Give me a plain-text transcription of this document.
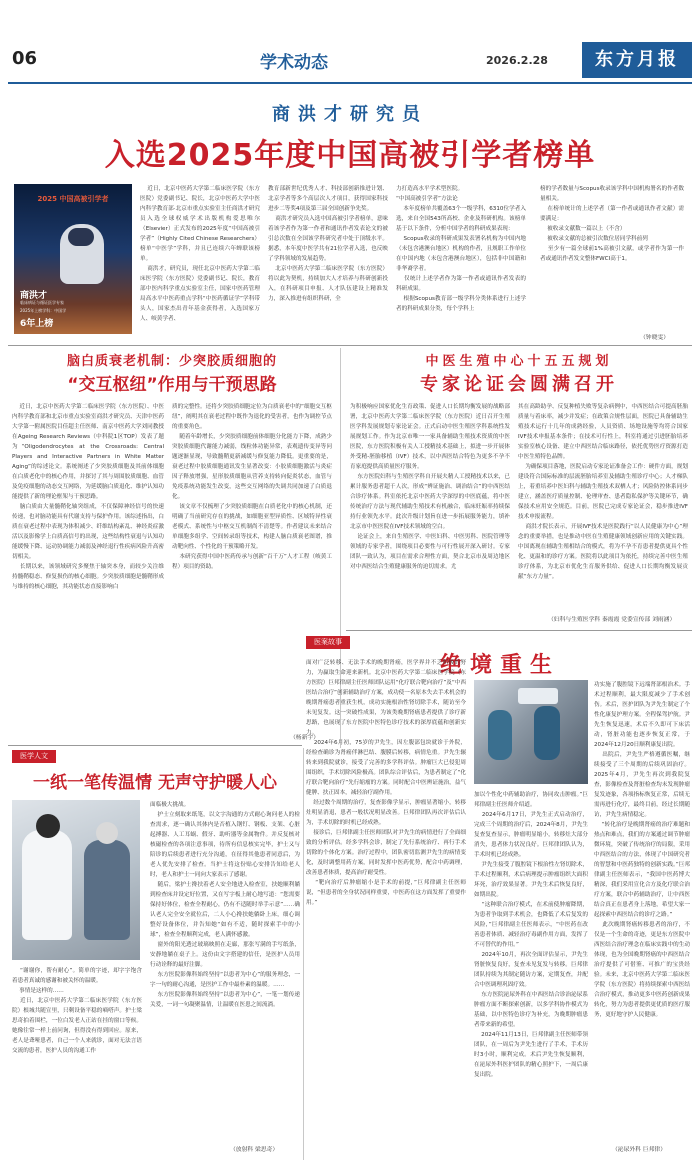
06	学术动态	2026.2.28	东方月报
商洪才研究员
入选2025年度中国高被引学者榜单
2025 中国高被引学者
商洪才
临床病证与循证医学专家
2025年上榜学科：中国学
6年上榜
近日，北京中医药大学第二临床医学院（东方医院）党委副书记、院长，北京中医药大学中医内科学教育部·北京市重点实验室主任商洪才研究员入选全球权威学术出版机构爱思唯尔（Elsevier）正式发布的2025年度“中国高被引学者”（Highly Cited Chinese Researchers）榜单“中医学”学科，并且已连续六年蝉联该榜单。
商洪才，研究员，现任北京中医药大学第二临床医学院（东方医院）党委副书记、院长，教育部中医内科学重点实验室主任，国家中医药管理局高水平中医药重点学科“中医药循证学”学科带头人，国家杰出青年基金获得者，入选国家万人、岐黄学者、
教育部新世纪优秀人才、科技部创新推进计划、北京学者等多个高层次人才项目，获得国家科技进步二等奖4项及第三届全国创新争先奖。
商洪才研究员入选中国高被引学者榜单，意味着该学者作为第一作者和通讯作者发表论文的被引总次数在全国该学科研究者中处于顶级水平。据悉，本年度中医学共有21位学者入选，也反映了学科领域的发展趋势。
北京中医药大学第二临床医学院（东方医院）将以此为契机，持续加大人才培养与科研创新投入，在科研项目申报、人才队伍建设上精准发力，深入推进有组织科研，全
力打造高水平学术型医院。
“中国高被引学者”方法论
本年度榜单共覆盖63个一级学科，6310位学者入选，来自全国543所高校、企业及科研机构。该榜单基于以下条件，分析中国学者的科研成果表现：
Scopus收录的科研成果发表署名机构为中国内地（未包含港澳台地区）机构的作者，且规职工作单位在中国内地（未包含港澳台地区），包括非中国籍和非华裔学者。
仅统计上述学者作为第一作者或通讯作者发表的科研成果。
根据Scopus教育部一级学科分类体系进行上述学者的科研成果分类，每个学科上
榜的学者数量与Scopus收录该学科中国机构署名的作者数量相关。
在榜单统计的上述学者（第一作者或通讯作者文献）需要满足：
被收录文献数一篇以上（不含）
被收录文献的总被引次数位居同学科前列
至少有一篇全球前1%高被引文献，或学者作为第一作者或通讯作者发文整体FWCI高于1。
（钟晓雯）
脑白质衰老机制：少突胶质细胞的
“交互枢纽”作用与干预思路
近日，北京中医药大学第二临床医学院（东方医院）、中医内科学教育部和北京市重点实验室商洪才研究员、天津中医药大学第一附属医院目佳超主任医师、南京中医药大学刘同教授在Ageing Research Reviews（中科院1区TOP）发表了题为“Oligodendrocytes at the Crossroads: Central Players and Interactive Partners in White Matter Aging”的综述论文。系统阐述了少突胶质细胞及其前体细胞在白质老化中的核心作用，并探讨了其与周围胶质细胞、血管及免疫细胞的动态交互网络，为延缓脑白质退化、维护认知功能提供了新的理论框架与干预思路。
脑白质由大量髓鞘化轴突组成，不仅保障神经信号的快速传递，也对脑功能具有代谢支持与保护作用。该综述指出，白质在衰老过程中表现为体积减少、纤维结构紊乱、神经炎症激活以及影像学上白质高信号的出现，这些结构性衰退与认知功能缓慢下降、运动协调能力减弱及神经退行性疾病风险升高密切相关。
长期以来，该领域研究多聚焦于轴突本身，而较少关注维持髓鞘稳态、修复损伤的核心细胞。少突胶质细胞是髓鞘形成与维持的核心细胞，其功能状态直接影响白
质的完整性。还将少突胶质细胞定位为白质衰老中的“细胞交互枢纽”，阐明其在衰老过程中既作为退化的受害者，也作为调控节点的重要角色。
随着年龄增长，少突胶质细胞前体细胞分化能力下降，成熟少突胶质细胞代谢能力减弱，线粒体功能异常，表观遗传变异等问题逐渐显现，导致髓鞘更新减缓与修复能力降低。更重要的是，衰老过程中胶质细胞通讯发生显著改变：小胶质细胞激活与炎症因子释放增强，星形胶质细胞从营养支持转向促炎状态，血管与免疫系统功能发生改变，这些交互网络的失调共同加速了白质退化。
该文章不仅梳理了少突胶质细胞在白质老化中的核心机制，还明确了当前研究存在的挑战，如细胞亚型异质性、区域特异性衰老模式、系统性与中枢交互机制尚不清楚等。作者建议未来结合单细胞多组学、空间转录组等技术，构建人脑白质衰老图谱，推动靶向性、个性化的干预策略开发。
本研究获得中国中医药传承与创新“百千万”人才工程（岐黄工程）项目的资助。
（杨新宇）
中医生殖中心十五五规划
专家论证会圆满召开
为积极响应国家优化生育政策、促进人口长期均衡发展的战略部署，北京中医药大学第二临床医学院（东方医院）近日召开生殖医学科发展规划专家论证会。正式启动中医生殖医学科系统性发展规划工作。作为北京市唯一一家具备辅助生殖技术资质的中医医院，东方医院积极有关人工授精技术基础上，拟进一步开展体外受精-胚胎移植（IVF）技术，以中西医结合特色为更多不孕不育家庭提供高质量医疗服务。
东方医院妇科与生殖医学科自开展夫精人工授精技术以来，已累计服务患者超千人次，形成“辨证施治、调治结合”的中西医结合诊疗体系。科室依托北京中医药大学深厚的中医底蕴，将中医传统治疗方法与现代辅助生殖技术有机融合，临床妊娠率持续保持行业领先水平。此次升级计划旨在进一步拓展服务能力，填补北京市中医医院在IVF技术领域的空白。
论证会上，来自生殖医学、中医妇科、中医男科、医院管理等领域的专家学者，围绕项目必要性与可行性展开深入研讨。专家团队一致认为，项目在需求合理性方面，契合北京市及周边地区对中西医结合生殖健康服务的迫切需求。尤
其在高龄助孕、反复种植失败等复杂病例中，中西医结合可提高胚胎质量与着床率，减少并发症；在政策合规性层面，医院已具备辅助生殖技术运行十几年的成熟经验，人员资质、场地设施等均符合国家IVF技术申报基本条件；在技术可行性上，科室将通过引进胚胎培养实验室核心设备、建立中西医结合临床路径，依托优势医疗资源打造中医生殖特色品牌。
为确保项目落地，医院启动专家论证准备会工作：硬件方面，规划建设符合国际标准的层流胚胎培养室及辅助生殖诊疗中心；人才梯队上，着重培养中医妇科与辅助生殖技术双栖人才；风险防控体系同步建立，涵盖医疗质量控制、伦理审查、患者隐私保护等关键环节，确保技术应用安全规范。目前，医院已完成专家论证会，稳步推进IVF技术申报流程。
商洪才院长表示，开展IVF技术是医院践行“以人民健康为中心”理念的重要举措，也是推动中医在生殖健康领域创新应用的关键实践。中国离现在辅助生殖相结合的模式，将为不孕不育患者提供更具个性化、更温和的诊疗方案。医院将以此项目为依托，持续完善中医生殖诊疗体系，为北京市优化生育服务供给、促进人口长期均衡发展贡献“东方力量”。
（妇科与生殖医学科 秦霞霞 党委宣传部 刘雨涵）
医案故事
绝境重生
面对广泛转移、无法手术的晚期肾癌，医学界并不乏积极的努力，为赢取生命迎来新机。北京中医药大学第二临床医学院（东方医院）巨邦律副主任医师团队运用“化疗联合靶向治疗”及“中西医结合治疗”创新辅助治疗方案，成功使一名原本失去手术机会的晚期肾癌患者重获生机，成功实施根治性肾切除手术，随访至今未见复发。这一突破性成果，为该类晚期肾癌患者提供了诊疗新思路，也展现了东方医院中医特色诊疗技术的深厚底蕴和创新实力。
2024年6月初，75岁的尹先生，因左腹部包块就诊于外院，经检查确诊为肾癌伴淋巴结、腹膜后转移，病情危重。尹先生辗转来到我院就诊，接受了完善的多学科评估。肿瘤巨大已侵犯周围组织，手术切除风险极高。团队综合评估后，为患者制定了“化疗联合靶向治疗”先行缩瘤的方案。同时配合中医辨证施治，益气健脾、扶正固本，减轻治疗副作用。
经过数个周期的治疗，复查影像学显示，肿瘤显著缩小，转移灶明显消退，患者一般状况明显改善。巨邦律团队再次评估后认为，手术切除的时机已经成熟。
接诊后，巨邦律副主任医师团队对尹先生的病情进行了全面细致的分析评估。经多学科会诊，制定了先行系统治疗、再行手术切除的个体化方案。治疗过程中，团队密切监测尹先生的病情变化，及时调整用药方案，同时发挥中医药优势，配合中药调理，改善患者体质，提高治疗耐受性。
“靶向治疗后肿瘤缩小是手术的前提，”巨邦律副主任医师说，“但患者的全身状况同样重要，中医药在这方面发挥了重要作用。”
加以个性化中药辅助治疗，协同攻击肿瘤。”巨邦律副主任医师介绍道。
2024年6月17日，尹先生正式启动治疗，完成三个周期的治疗后，2024年8月，尹先生复查复查显示，肿瘤明显缩小，转移灶大部分消失，患者体力状况良好。巨邦律团队认为，手术时机已经成熟。
尹先生接受了腹腔镜下根治性左肾切除术，手术过程顺利，术后病理提示肿瘤组织大面积坏死，治疗效果显著。尹先生术后恢复良好，如期出院。
“这种联合治疗模式，在术前使肿瘤降期，为患者争取到手术机会，也降低了术后复发的风险，”巨邦律副主任医师表示，“中医药在改善患者体质、减轻治疗毒副作用方面，发挥了不可替代的作用。”
2024年10月，再次全面评估显示，尹先生肾脏恢复良好，复查未见复发与转移。巨邦律团队持续为其制定随访方案，定期复查，并配合中医调理巩固疗效。
东方医院泌尿外科在中西医结合诊治泌尿系肿瘤方面不断探索创新，以多学科协作模式为基础，以中医特色诊疗为补充，为晚期肿瘤患者带来新的希望。
2024年11月13日，巨邦律副主任医师带领团队，在一周后为尹先生进行了手术，手术历时3小时，顺利完成。术后尹先生恢复顺利，在泌尿外科医护团队的精心照护下，一周后康复出院。
功实施了腹腔镜下远端肾部根治术。手术过程顺利，最大限度减少了手术创伤。术后，医护团队为尹先生制定了个性化康复护理方案。全程保驾护航。尹先生恢复迅速，术后不久即可下床活动，肾脏功能也逐步恢复正常，于2024年12月20日顺利康复出院。
出院后，尹先生严格遵循医嘱，继续接受了三个周期的后续巩固治疗。2025年4月，尹先生再次到我院复查，影像检查及肾脏检查均未发现肿瘤复发迹象，各项指标恢复正常，后续无需再进行化疗，最终目前，经过长期随访，尹先生病情稳定。
“转化治疗是晚期肾癌的治疗难题和热点和难点，我们的方案通过调节肿瘤微环境，突破了传统治疗的局限，采用中西医结合的方法，体现了中国研究者的智慧和中医药独特的创新实践。”巨邦律副主任医师表示，“我国中医药博大精深，我们采用宣化合方及化疗联合治疗方案，联合中药辅助治疗，让中西医结合真正在患者身上落地，希望大家一起探索中西医结合的诊疗之路。”
此次晚期肾癌转移患者的治疗，不仅是一个生命的奇迹，更是东方医院中西医结合治疗理念在临床实践中的生动体现，也为全国晚期肾癌的中西医结合治疗提供了可借鉴、可推广的宝贵经验。未来，北京中医药大学第二临床医学院（东方医院）将持续探索中西医结合治疗模式，推动更多中医药创新成果转化，努力为患者提供更优质的医疗服务，更好地守护人民健康。
（泌尿外科 巨邦律）
医学人文
一纸一笔传温情 无声守护暖人心
“谢谢你，帮有耐心”。简单的字迹，却字字饱含着患者真诚的感谢和被关怀的温暖。
事情是这样的……
近日，北京中医药大学第二临床医学院（东方医院）根城共随宣里，只剩设备平稳的嘀嗒声。护士梁思奇拍着围栏，一位白发老人正站在挂的窗口等候。她像往常一样上前问询，但得没有得到回应。原来，老人是聋哑患者，自己一个人来就诊，面对无法言语交流的患者，医护人员的沟通工作
面临极大挑战。
护士立刻取来纸笔，以文字沟通的方式耐心询问老人的检查需求，逐一确认其体内是否植入钢钉、钢板、支架、心脏起搏器、人工耳蜗、假牙、助听器等金属物件。并反复核对核磁检查的各项注意事项，待所有信息核实完毕，护士又与陪诊的后续患者进行充分沟通，在征得其他患者同意后，为老人优先安排了检查。当护士将这份贴心安排告知给老人时，老人和护士一同向大家表示了感谢。
随后，梁护士搀扶着老人安全地进入检查室，扶她顺利躺到检查床并设定好位置，又在写字板上耐心地写道：“您需要保持好体位，检查全程耐心，仍有不适随时举手示意”……确认老人完全安全就位后，二人小心搀扶她躺卧上床，细心调整好设备体位，并告知她“如有不适，随时探索手中的小球”，检查全程顺利完成，老人满怀感激。
窗外的阳光透过玻璃映照在走廊，那张写满的手写纸条，安静地躺在桌子上。这份由文字搭建的信任，是医护人员用行动诠释的最好注脚。
东方医院影像科始终坚持“以患者为中心”的服务理念，一字一句的耐心沟通，是医护工作中最朴素的温暖。……
东方医院影像科始终坚持“以患者为中心”，一笔一划传递关爱，一词一句凝聚温情，让温暖在医患之间流淌。
（放射科 梁思奇）
